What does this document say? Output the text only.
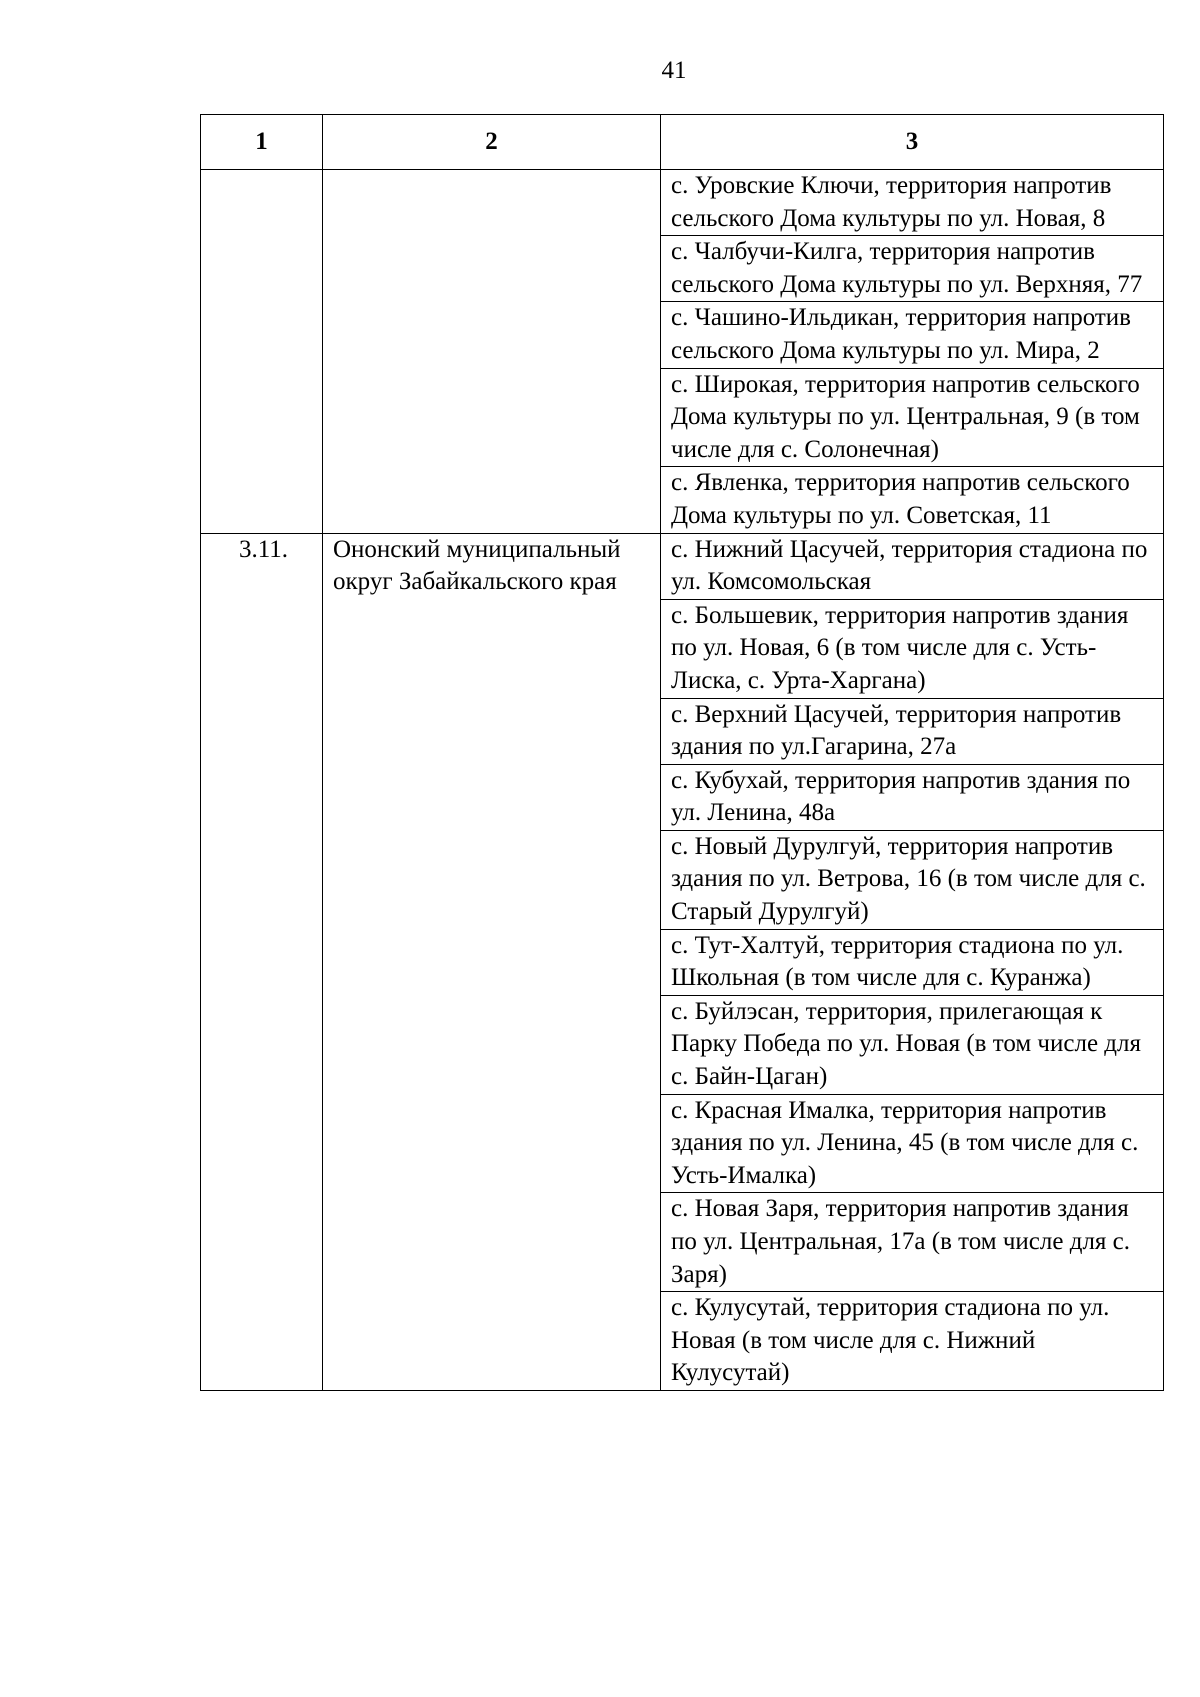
41
1	2	3
		с. Уровские Ключи, территория напротив сельского Дома культуры по ул. Новая, 8
		с. Чалбучи-Килга, территория напротив сельского Дома культуры по ул. Верхняя, 77
		с. Чашино-Ильдикан, территория напротив сельского Дома культуры по ул. Мира, 2
		с. Широкая, территория напротив сельского Дома культуры по ул. Центральная, 9 (в том числе для с. Солонечная)
		с. Явленка, территория напротив сельского Дома культуры по ул. Советская, 11
3.11.	Ононский муниципальный округ Забайкальского края	с. Нижний Цасучей, территория стадиона по ул. Комсомольская
		с. Большевик, территория напротив здания по ул. Новая, 6 (в том числе для с. Усть-Лиска, с. Урта-Харгана)
		с. Верхний Цасучей, территория напротив здания по ул.Гагарина, 27а
		с. Кубухай, территория напротив здания по ул. Ленина, 48а
		с. Новый Дурулгуй, территория напротив здания по ул. Ветрова, 16 (в том числе для с. Старый Дурулгуй)
		с. Тут-Халтуй, территория стадиона по ул. Школьная (в том числе для с. Куранжа)
		с. Буйлэсан, территория, прилегающая к Парку Победа по ул. Новая (в том числе для с. Байн-Цаган)
		с. Красная Ималка, территория напротив здания по ул. Ленина, 45 (в том числе для с. Усть-Ималка)
		с. Новая Заря, территория напротив здания по ул. Центральная, 17а (в том числе для с. Заря)
		с. Кулусутай, территория стадиона по ул. Новая (в том числе для с. Нижний Кулусутай)
